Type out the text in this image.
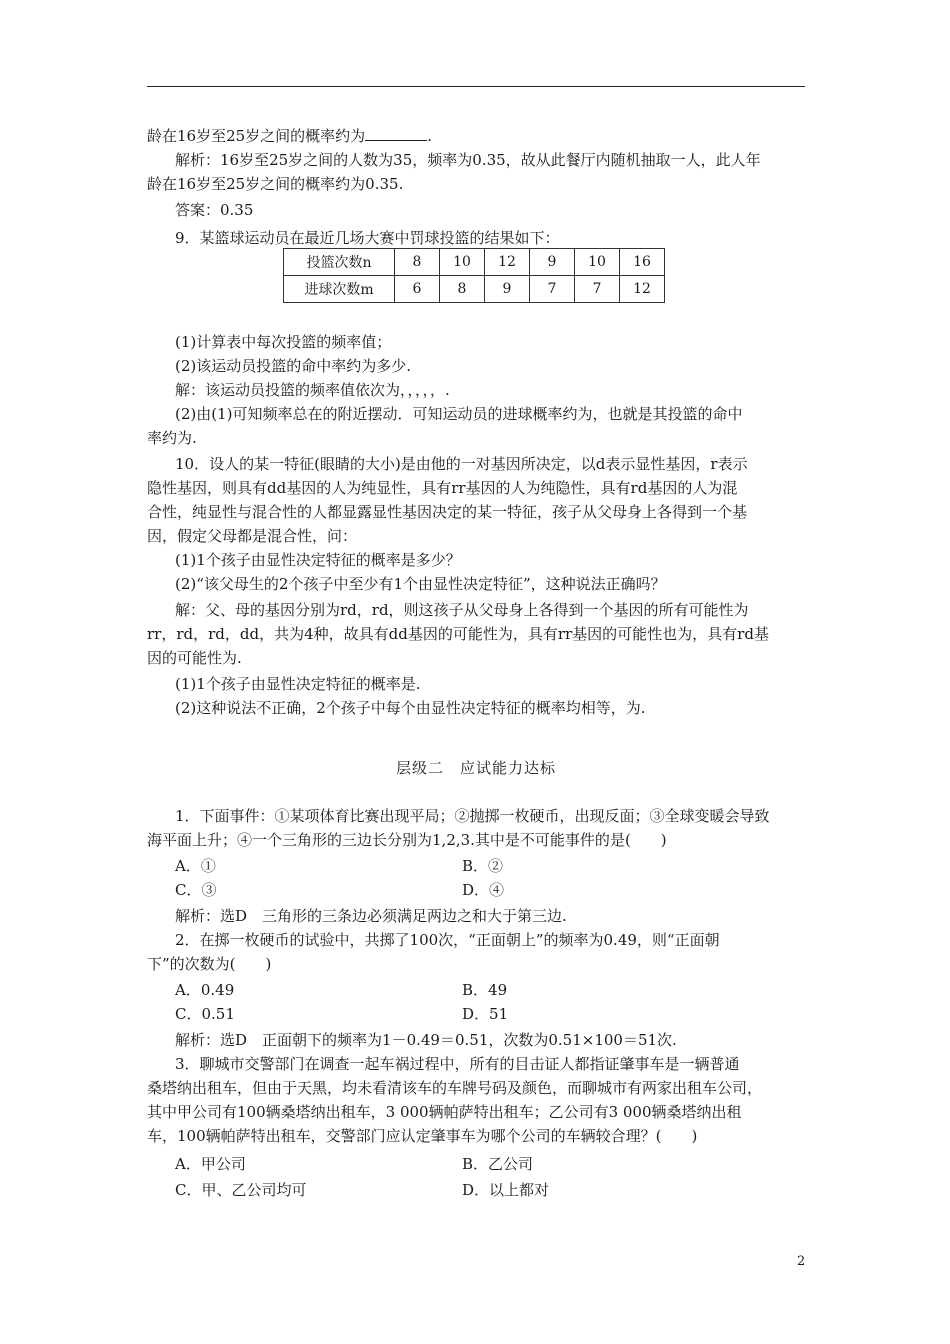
龄在16岁至25岁之间的概率约为	.
解析：16岁至25岁之间的人数为35，频率为0.35，故从此餐厅内随机抽取一人，此人年
龄在16岁至25岁之间的概率约为0.35.
答案：0.35
9．某篮球运动员在最近几场大赛中罚球投篮的结果如下：
投篮次数n	8	10	12	9	10	16
进球次数m	6	8	9	7	7	12
(1)计算表中每次投篮的频率值；
(2)该运动员投篮的命中率约为多少.
解：该运动员投篮的频率值依次为，，，，，.
(2)由(1)可知频率总在的附近摆动．可知运动员的进球概率约为，也就是其投篮的命中
率约为.
10．设人的某一特征(眼睛的大小)是由他的一对基因所决定，以d表示显性基因，r表示
隐性基因，则具有dd基因的人为纯显性，具有rr基因的人为纯隐性，具有rd基因的人为混
合性，纯显性与混合性的人都显露显性基因决定的某一特征，孩子从父母身上各得到一个基
因，假定父母都是混合性，问：
(1)1个孩子由显性决定特征的概率是多少？
(2)“该父母生的2个孩子中至少有1个由显性决定特征”，这种说法正确吗？
解：父、母的基因分别为rd，rd，则这孩子从父母身上各得到一个基因的所有可能性为
rr，rd，rd，dd，共为4种，故具有dd基因的可能性为，具有rr基因的可能性也为，具有rd基
因的可能性为.
(1)1个孩子由显性决定特征的概率是.
(2)这种说法不正确，2个孩子中每个由显性决定特征的概率均相等，为.
层级二　应试能力达标
1．下面事件：①某项体育比赛出现平局；②抛掷一枚硬币，出现反面；③全球变暖会导致
海平面上升；④一个三角形的三边长分别为1,2,3.其中是不可能事件的是(　　)
A．①	B．②
C．③	D．④
解析：选D　三角形的三条边必须满足两边之和大于第三边.
2．在掷一枚硬币的试验中，共掷了100次，“正面朝上”的频率为0.49，则“正面朝
下”的次数为(　　)
A．0.49	B．49
C．0.51	D．51
解析：选D　正面朝下的频率为1－0.49＝0.51，次数为0.51×100＝51次.
3．聊城市交警部门在调查一起车祸过程中，所有的目击证人都指证肇事车是一辆普通
桑塔纳出租车，但由于天黑，均未看清该车的车牌号码及颜色，而聊城市有两家出租车公司，
其中甲公司有100辆桑塔纳出租车，3 000辆帕萨特出租车；乙公司有3 000辆桑塔纳出租
车，100辆帕萨特出租车，交警部门应认定肇事车为哪个公司的车辆较合理？(　　)
A．甲公司	B．乙公司
C．甲、乙公司均可	D．以上都对
2
